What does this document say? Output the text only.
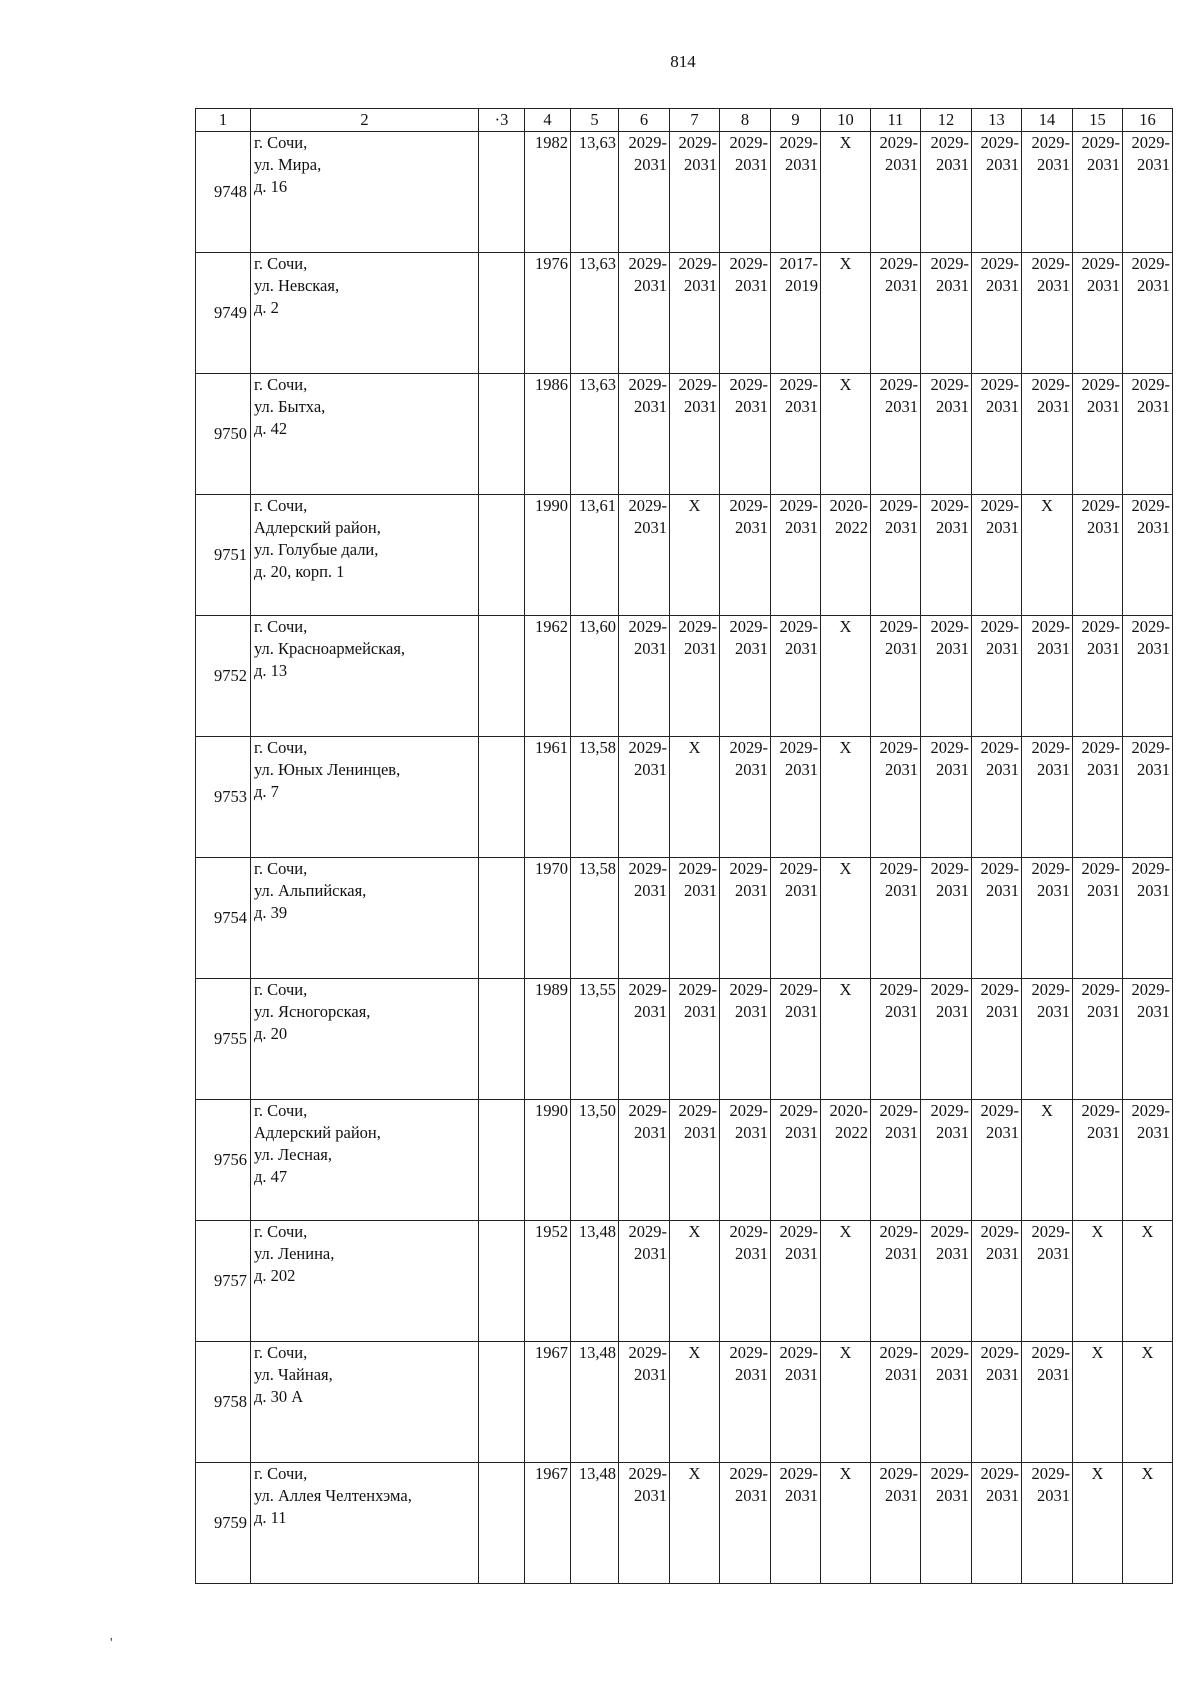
814
1	2	·3	4	5	6	7	8	9	10	11	12	13	14	15	16
9748	г. Сочи,
ул. Мира,
д. 16		1982	13,63	2029-
2031	2029-
2031	2029-
2031	2029-
2031	X	2029-
2031	2029-
2031	2029-
2031	2029-
2031	2029-
2031	2029-
2031

9749	г. Сочи,
ул. Невская,
д. 2		1976	13,63	2029-
2031	2029-
2031	2029-
2031	2017-
2019	X	2029-
2031	2029-
2031	2029-
2031	2029-
2031	2029-
2031	2029-
2031

9750	г. Сочи,
ул. Бытха,
д. 42		1986	13,63	2029-
2031	2029-
2031	2029-
2031	2029-
2031	X	2029-
2031	2029-
2031	2029-
2031	2029-
2031	2029-
2031	2029-
2031

9751	г. Сочи,
Адлерский район,
ул. Голубые дали,
д. 20, корп. 1		1990	13,61	2029-
2031	X	2029-
2031	2029-
2031	2020-
2022	2029-
2031	2029-
2031	2029-
2031	X	2029-
2031	2029-
2031

9752	г. Сочи,
ул. Красноармейская,
д. 13		1962	13,60	2029-
2031	2029-
2031	2029-
2031	2029-
2031	X	2029-
2031	2029-
2031	2029-
2031	2029-
2031	2029-
2031	2029-
2031

9753	г. Сочи,
ул. Юных Ленинцев,
д. 7		1961	13,58	2029-
2031	X	2029-
2031	2029-
2031	X	2029-
2031	2029-
2031	2029-
2031	2029-
2031	2029-
2031	2029-
2031

9754	г. Сочи,
ул. Альпийская,
д. 39		1970	13,58	2029-
2031	2029-
2031	2029-
2031	2029-
2031	X	2029-
2031	2029-
2031	2029-
2031	2029-
2031	2029-
2031	2029-
2031

9755	г. Сочи,
ул. Ясногорская,
д. 20		1989	13,55	2029-
2031	2029-
2031	2029-
2031	2029-
2031	X	2029-
2031	2029-
2031	2029-
2031	2029-
2031	2029-
2031	2029-
2031

9756	г. Сочи,
Адлерский район,
ул. Лесная,
д. 47		1990	13,50	2029-
2031	2029-
2031	2029-
2031	2029-
2031	2020-
2022	2029-
2031	2029-
2031	2029-
2031	X	2029-
2031	2029-
2031

9757	г. Сочи,
ул. Ленина,
д. 202		1952	13,48	2029-
2031	X	2029-
2031	2029-
2031	X	2029-
2031	2029-
2031	2029-
2031	2029-
2031	X	X

9758	г. Сочи,
ул. Чайная,
д. 30 А		1967	13,48	2029-
2031	X	2029-
2031	2029-
2031	X	2029-
2031	2029-
2031	2029-
2031	2029-
2031	X	X

9759	г. Сочи,
ул. Аллея Челтенхэма,
д. 11		1967	13,48	2029-
2031	X	2029-
2031	2029-
2031	X	2029-
2031	2029-
2031	2029-
2031	2029-
2031	X	X
'
